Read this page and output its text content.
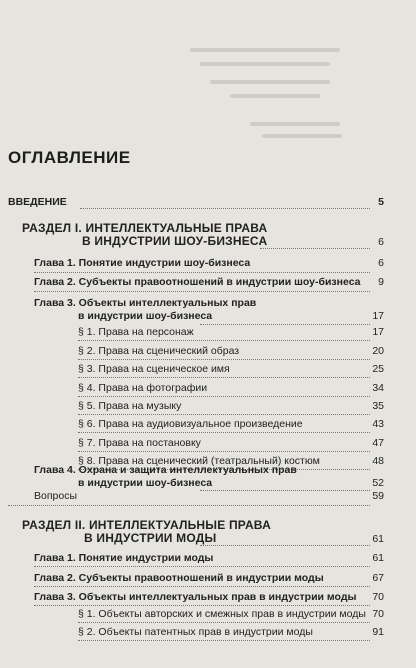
ОГЛАВЛЕНИЕ
ВВЕДЕНИЕ	5
РАЗДЕЛ I. ИНТЕЛЛЕКТУАЛЬНЫЕ ПРАВА
В ИНДУСТРИИ ШОУ-БИЗНЕСА	6
Глава 1. Понятие индустрии шоу-бизнеса	6
Глава 2. Субъекты правоотношений в индустрии шоу-бизнеса 9
Глава 3. Объекты интеллектуальных прав
в индустрии шоу-бизнеса	17
§ 1. Права на персонаж	17
§ 2. Права на сценический образ	20
§ 3. Права на сценическое имя	25
§ 4. Права на фотографии	34
§ 5. Права на музыку	35
§ 6. Права на аудиовизуальное произведение	43
§ 7. Права на постановку	47
§ 8. Права на сценический (театральный) костюм	48
Глава 4. Охрана и защита интеллектуальных прав
в индустрии шоу-бизнеса	52
Вопросы	59
РАЗДЕЛ II. ИНТЕЛЛЕКТУАЛЬНЫЕ ПРАВА
В ИНДУСТРИИ МОДЫ	61
Глава 1. Понятие индустрии моды	61
Глава 2. Субъекты правоотношений в индустрии моды	67
Глава 3. Объекты интеллектуальных прав в индустрии моды 70
§ 1. Объекты авторских и смежных прав в индустрии моды 70
§ 2. Объекты патентных прав в индустрии моды	91
